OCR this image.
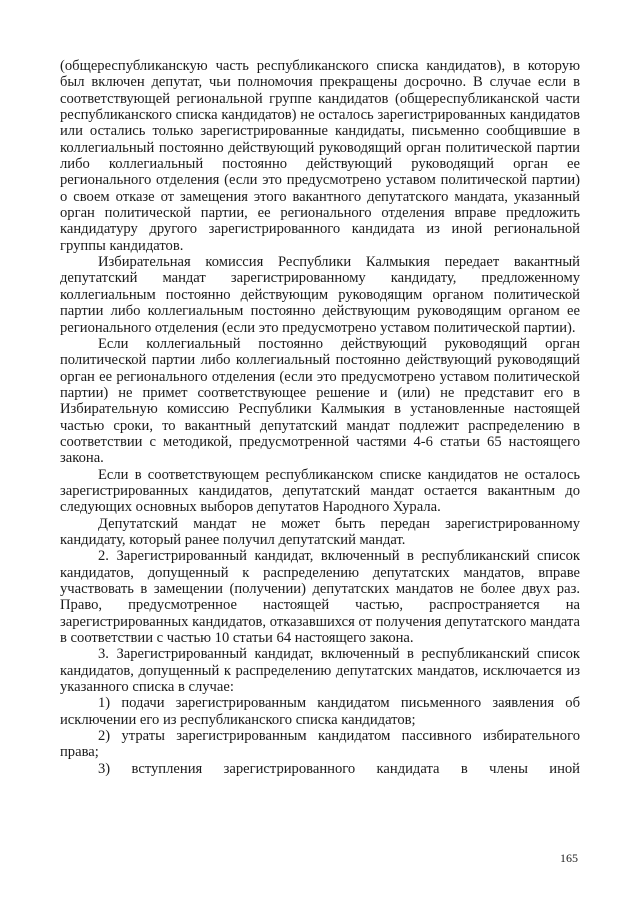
(общереспубликанскую часть республиканского списка кандидатов), в которую был включен депутат, чьи полномочия прекращены досрочно. В случае если в соответствующей региональной группе кандидатов (общереспубликанской части республиканского списка кандидатов) не осталось зарегистрированных кандидатов или остались только зарегистрированные кандидаты, письменно сообщившие в коллегиальный постоянно действующий руководящий орган политической партии либо коллегиальный постоянно действующий руководящий орган ее регионального отделения (если это предусмотрено уставом политической партии) о своем отказе от замещения этого вакантного депутатского мандата, указанный орган политической партии, ее регионального отделения вправе предложить кандидатуру другого зарегистрированного кандидата из иной региональной группы кандидатов.

Избирательная комиссия Республики Калмыкия передает вакантный депутатский мандат зарегистрированному кандидату, предложенному коллегиальным постоянно действующим руководящим органом политической партии либо коллегиальным постоянно действующим руководящим органом ее регионального отделения (если это предусмотрено уставом политической партии).

Если коллегиальный постоянно действующий руководящий орган политической партии либо коллегиальный постоянно действующий руководящий орган ее регионального отделения (если это предусмотрено уставом политической партии) не примет соответствующее решение и (или) не представит его в Избирательную комиссию Республики Калмыкия в установленные настоящей частью сроки, то вакантный депутатский мандат подлежит распределению в соответствии с методикой, предусмотренной частями 4-6 статьи 65 настоящего закона.

Если в соответствующем республиканском списке кандидатов не осталось зарегистрированных кандидатов, депутатский мандат остается вакантным до следующих основных выборов депутатов Народного Хурала.

Депутатский мандат не может быть передан зарегистрированному кандидату, который ранее получил депутатский мандат.

2. Зарегистрированный кандидат, включенный в республиканский список кандидатов, допущенный к распределению депутатских мандатов, вправе участвовать в замещении (получении) депутатских мандатов не более двух раз. Право, предусмотренное настоящей частью, распространяется на зарегистрированных кандидатов, отказавшихся от получения депутатского мандата в соответствии с частью 10 статьи 64 настоящего закона.

3. Зарегистрированный кандидат, включенный в республиканский список кандидатов, допущенный к распределению депутатских мандатов, исключается из указанного списка в случае:

1) подачи зарегистрированным кандидатом письменного заявления об исключении его из республиканского списка кандидатов;

2) утраты зарегистрированным кандидатом пассивного избирательного права;

3) вступления зарегистрированного кандидата в члены иной

165
